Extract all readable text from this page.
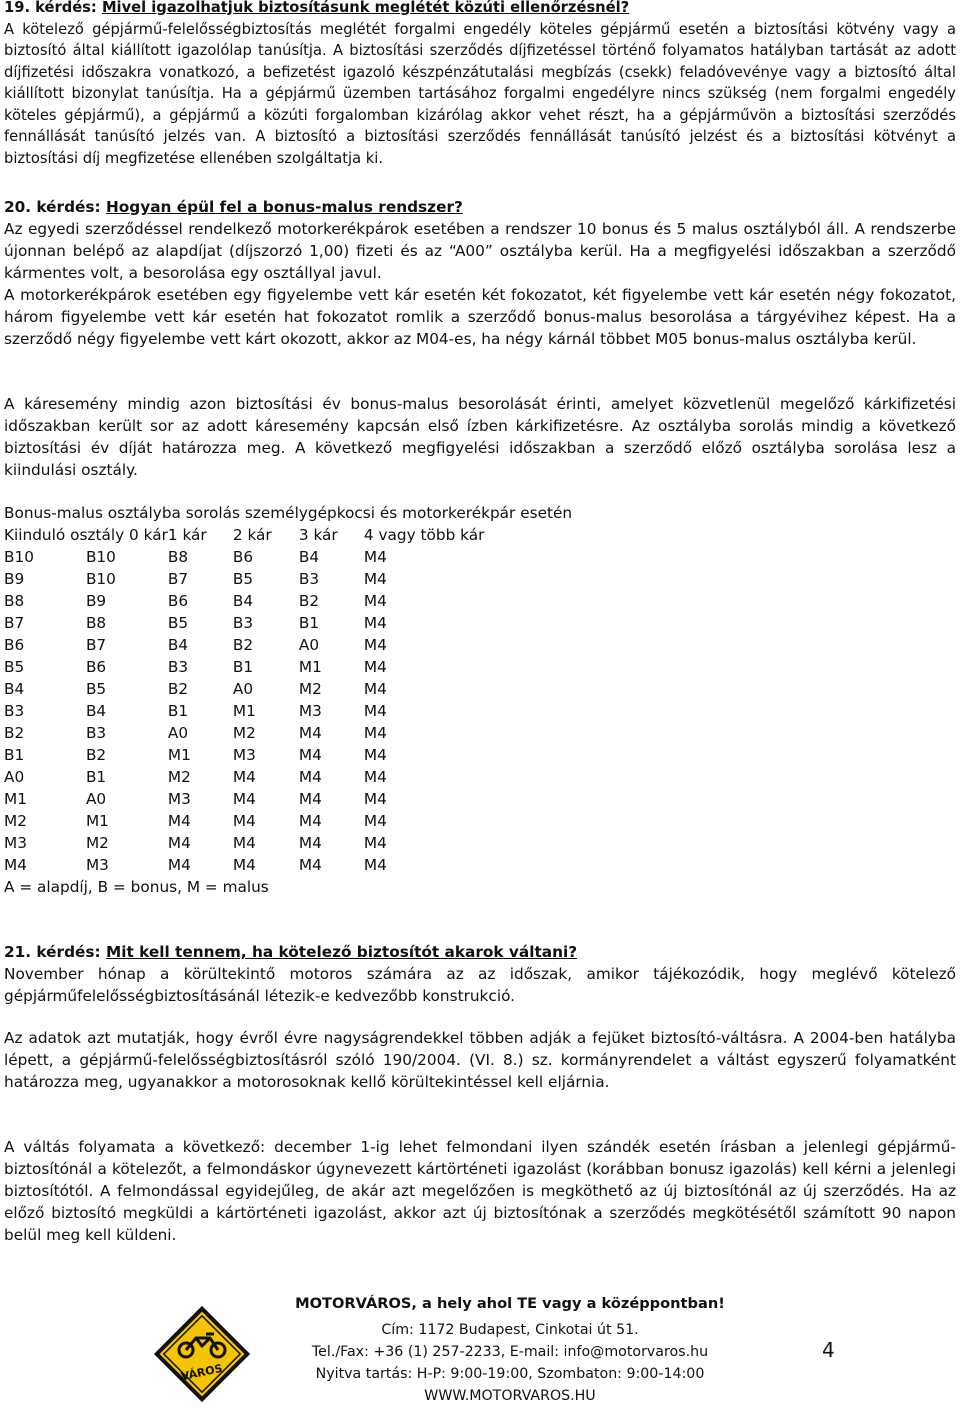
19. kérdés: Mivel igazolhatjuk biztosításunk meglétét közúti ellenőrzésnél?
A kötelező gépjármű-felelősségbiztosítás meglétét forgalmi engedély köteles gépjármű esetén a biztosítási kötvény vagy a biztosító által kiállított igazolólap tanúsítja. A biztosítási szerződés díjfizetéssel történő folyamatos hatályban tartását az adott díjfizetési időszakra vonatkozó, a befizetést igazoló készpénzátutalási megbízás (csekk) feladóvevénye vagy a biztosító által kiállított bizonylat tanúsítja. Ha a gépjármű üzemben tartásához forgalmi engedélyre nincs szükség (nem forgalmi engedély köteles gépjármű), a gépjármű a közúti forgalomban kizárólag akkor vehet részt, ha a gépjárművön a biztosítási szerződés fennállását tanúsító jelzés van. A biztosító a biztosítási szerződés fennállását tanúsító jelzést és a biztosítási kötvényt a biztosítási díj megfizetése ellenében szolgáltatja ki.

20. kérdés: Hogyan épül fel a bonus-malus rendszer?
Az egyedi szerződéssel rendelkező motorkerékpárok esetében a rendszer 10 bonus és 5 malus osztályból áll. A rendszerbe újonnan belépő az alapdíjat (díjszorzó 1,00) fizeti és az “A00” osztályba kerül. Ha a megfigyelési időszakban a szerződő kármentes volt, a besorolása egy osztállyal javul.
A motorkerékpárok esetében egy figyelembe vett kár esetén két fokozatot, két figyelembe vett kár esetén négy fokozatot, három figyelembe vett kár esetén hat fokozatot romlik a szerződő bonus-malus besorolása a tárgyévihez képest. Ha a szerződő négy figyelembe vett kárt okozott, akkor az M04-es, ha négy kárnál többet M05 bonus-malus osztályba kerül.

A káresemény mindig azon biztosítási év bonus-malus besorolását érinti, amelyet közvetlenül megelőző kárkifizetési időszakban került sor az adott káresemény kapcsán első ízben kárkifizetésre. Az osztályba sorolás mindig a következő biztosítási év díját határozza meg. A következő megfigyelési időszakban a szerződő előző osztályba sorolása lesz a kiindulási osztály.

Bonus-malus osztályba sorolás személygépkocsi és motorkerékpár esetén

Kiinduló osztály 0 kár		1 kár	2 kár	3 kár	4 vagy több kár
B10	B10	B8	B6	B4	M4
B9	B10	B7	B5	B3	M4
B8	B9	B6	B4	B2	M4
B7	B8	B5	B3	B1	M4
B6	B7	B4	B2	A0	M4
B5	B6	B3	B1	M1	M4
B4	B5	B2	A0	M2	M4
B3	B4	B1	M1	M3	M4
B2	B3	A0	M2	M4	M4
B1	B2	M1	M3	M4	M4
A0	B1	M2	M4	M4	M4
M1	A0	M3	M4	M4	M4
M2	M1	M4	M4	M4	M4
M3	M2	M4	M4	M4	M4
M4	M3	M4	M4	M4	M4
A = alapdíj, B = bonus, M = malus					

21. kérdés: Mit kell tennem, ha kötelező biztosítót akarok váltani?
November hónap a körültekintő motoros számára az az időszak, amikor tájékozódik, hogy meglévő kötelező gépjárműfelelősségbiztosításánál létezik-e kedvezőbb konstrukció.

Az adatok azt mutatják, hogy évről évre nagyságrendekkel többen adják a fejüket biztosító-váltásra. A 2004-ben hatályba lépett, a gépjármű-felelősségbiztosításról szóló 190/2004. (VI. 8.) sz. kormányrendelet a váltást egyszerű folyamatként határozza meg, ugyanakkor a motorosoknak kellő körültekintéssel kell eljárnia.

A váltás folyamata a következő: december 1-ig lehet felmondani ilyen szándék esetén írásban a jelenlegi gépjármű-biztosítónál a kötelezőt, a felmondáskor úgynevezett kártörténeti igazolást (korábban bonusz igazolás) kell kérni a jelenlegi biztosítótól. A felmondással egyidejűleg, de akár azt megelőzően is megköthető az új biztosítónál az új szerződés. Ha az előző biztosító megküldi a kártörténeti igazolást, akkor azt új biztosítónak a szerződés megkötésétől számított 90 napon belül meg kell küldeni.

VÁROS
MOTORVÁROS, a hely ahol TE vagy a középpontban!
Cím: 1172 Budapest, Cinkotai út 51.
Tel./Fax: +36 (1) 257-2233, E-mail: info@motorvaros.hu
Nyitva tartás: H-P: 9:00-19:00, Szombaton: 9:00-14:00
WWW.MOTORVAROS.HU
4
